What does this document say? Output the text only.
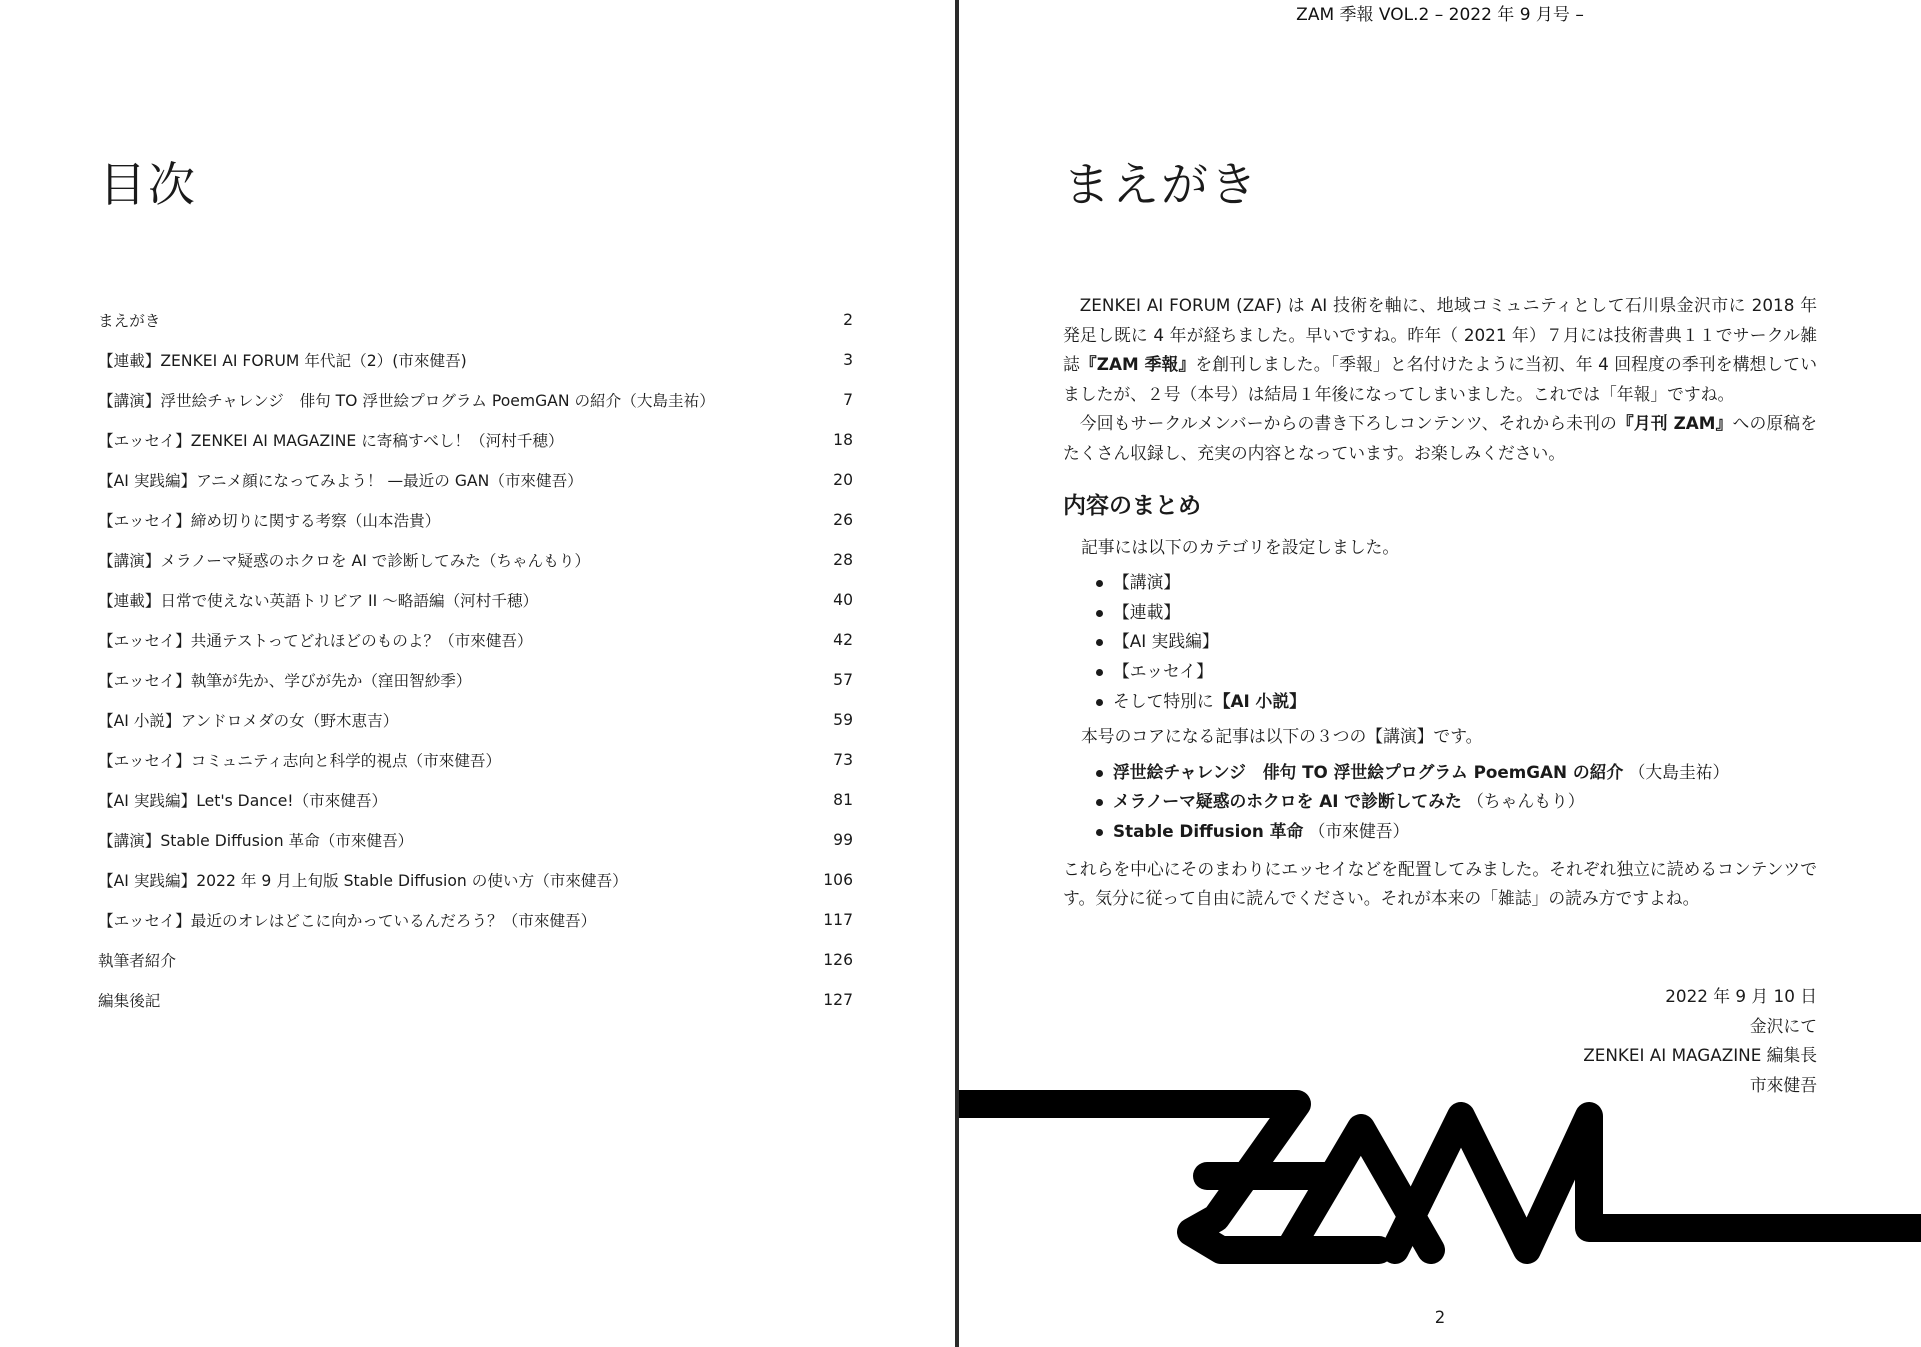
目次
まえがき	2
【連載】ZENKEI AI FORUM 年代記（2）(市來健吾)	3
【講演】浮世絵チャレンジ　俳句 TO 浮世絵プログラム PoemGAN の紹介（大島圭祐）	7
【エッセイ】ZENKEI AI MAGAZINE に寄稿すべし！（河村千穂）	18
【AI 実践編】アニメ顔になってみよう！ —最近の GAN（市來健吾）	20
【エッセイ】締め切りに関する考察（山本浩貴）	26
【講演】メラノーマ疑惑のホクロを AI で診断してみた（ちゃんもり）	28
【連載】日常で使えない英語トリビア II 〜略語編（河村千穂）	40
【エッセイ】共通テストってどれほどのものよ？（市來健吾）	42
【エッセイ】執筆が先か、学びが先か（窪田智紗季）	57
【AI 小説】アンドロメダの女（野木恵吉）	59
【エッセイ】コミュニティ志向と科学的視点（市來健吾）	73
【AI 実践編】Let's Dance!（市來健吾）	81
【講演】Stable Diffusion 革命（市來健吾）	99
【AI 実践編】2022 年 9 月上旬版 Stable Diffusion の使い方（市來健吾）	106
【エッセイ】最近のオレはどこに向かっているんだろう？（市來健吾）	117
執筆者紹介	126
編集後記	127
ZAM 季報 VOL.2 – 2022 年 9 月号 –
まえがき

ZENKEI AI FORUM (ZAF) は AI 技術を軸に、地域コミュニティとして石川県金沢市に 2018 年発足し既に 4 年が経ちました。早いですね。昨年（ 2021 年）７月には技術書典１１でサークル雑誌『ZAM 季報』を創刊しました。「季報」と名付けたように当初、年 4 回程度の季刊を構想していましたが、２号（本号）は結局１年後になってしまいました。これでは「年報」ですね。

今回もサークルメンバーからの書き下ろしコンテンツ、それから未刊の『月刊 ZAM』への原稿をたくさん収録し、充実の内容となっています。お楽しみください。

内容のまとめ

記事には以下のカテゴリを設定しました。

【講演】
【連載】
【AI 実践編】
【エッセイ】
そして特別に【AI 小説】

本号のコアになる記事は以下の３つの【講演】です。

浮世絵チャレンジ　俳句 TO 浮世絵プログラム PoemGAN の紹介 （大島圭祐）
メラノーマ疑惑のホクロを AI で診断してみた （ちゃんもり）
Stable Diffusion 革命 （市來健吾）

これらを中心にそのまわりにエッセイなどを配置してみました。それぞれ独立に読めるコンテンツです。気分に従って自由に読んでください。それが本来の「雑誌」の読み方ですよね。

2022 年 9 月 10 日
金沢にて
ZENKEI AI MAGAZINE 編集長
市來健吾
2
